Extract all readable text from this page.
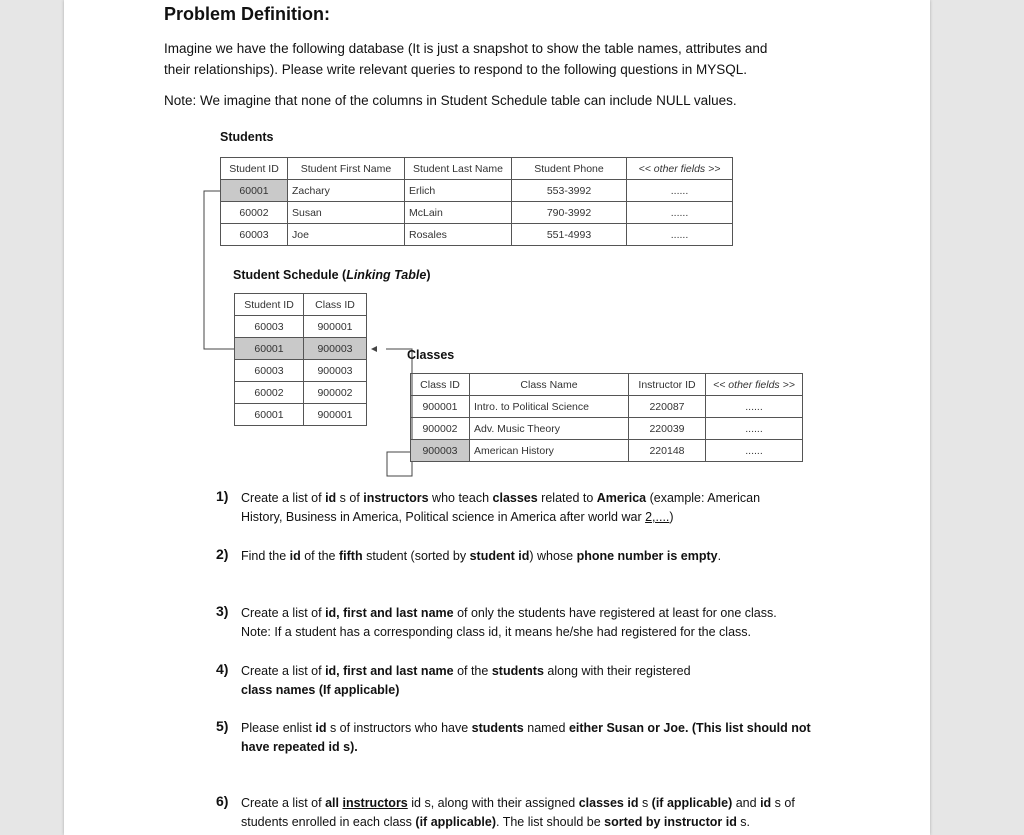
Problem Definition:
Imagine we have the following database (It is just a snapshot to show the table names, attributes and
their relationships). Please write relevant queries to respond to the following questions in MYSQL.
Note: We imagine that none of the columns in Student Schedule table can include NULL values.
Students
Student ID	Student First Name	Student Last Name	Student Phone	<< other fields >>
60001	Zachary	Erlich	553-3992	......
60002	Susan	McLain	790-3992	......
60003	Joe	Rosales	551-4993	......
Student Schedule (Linking Table)
Student ID	Class ID
60003	900001
60001	900003
60003	900003
60002	900002
60001	900001
Classes
Class ID	Class Name	Instructor ID	<< other fields >>
900001	Intro. to Political Science	220087	......
900002	Adv. Music Theory	220039	......
900003	American History	220148	......
1) Create a list of id s of instructors who teach classes related to America (example: American
History, Business in America, Political science in America after world war 2,....)
2) Find the id of the fifth student (sorted by student id) whose phone number is empty.
3) Create a list of id, first and last name of only the students have registered at least for one class.
Note: If a student has a corresponding class id, it means he/she had registered for the class.
4) Create a list of id, first and last name of the students along with their registered
class names (If applicable)
5) Please enlist id s of instructors who have students named either Susan or Joe. (This list should not
have repeated id s).
6) Create a list of all instructors id s, along with their assigned classes id s (if applicable) and id s of
students enrolled in each class (if applicable). The list should be sorted by instructor id s.
